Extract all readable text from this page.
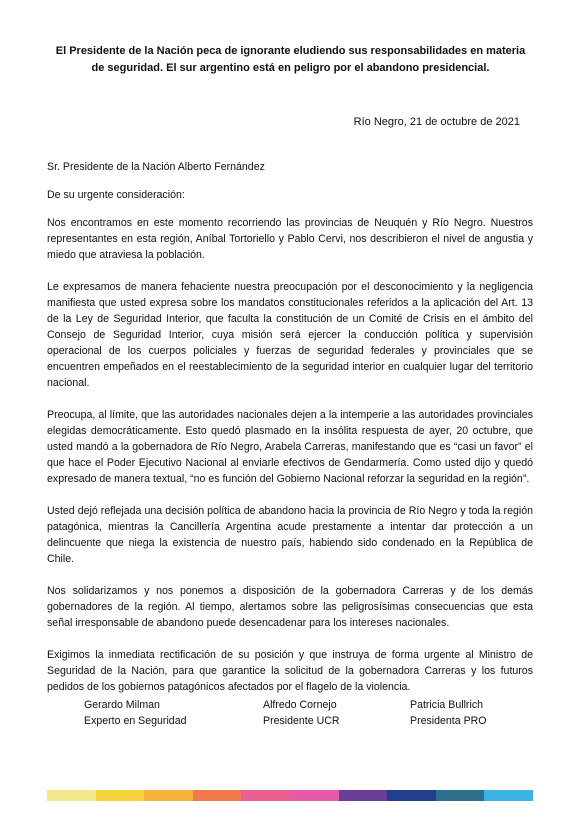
El Presidente de la Nación peca de ignorante eludiendo sus responsabilidades en materia de seguridad. El sur argentino está en peligro por el abandono presidencial.
Río Negro, 21 de octubre de 2021

Sr. Presidente de la Nación Alberto Fernández

De su urgente consideración:

Nos encontramos en este momento recorriendo las provincias de Neuquén y Río Negro. Nuestros representantes en esta región, Aníbal Tortoriello y Pablo Cervi, nos describieron el nivel de angustia y miedo que atraviesa la población.

Le expresamos de manera fehaciente nuestra preocupación por el desconocimiento y la negligencia manifiesta que usted expresa sobre los mandatos constitucionales referidos a la aplicación del Art. 13 de la Ley de Seguridad Interior, que faculta la constitución de un Comité de Crisis en el ámbito del Consejo de Seguridad Interior, cuya misión será ejercer la conducción política y supervisión operacional de los cuerpos policiales y fuerzas de seguridad federales y provinciales que se encuentren empeñados en el reestablecimiento de la seguridad interior en cualquier lugar del territorio nacional.

Preocupa, al límite, que las autoridades nacionales dejen a la intemperie a las autoridades provinciales elegidas democráticamente. Esto quedó plasmado en la insólita respuesta de ayer, 20 octubre, que usted mandó a la gobernadora de Río Negro, Arabela Carreras, manifestando que es “casi un favor” el que hace el Poder Ejecutivo Nacional al enviarle efectivos de Gendarmería. Como usted dijo y quedó expresado de manera textual, “no es función del Gobierno Nacional reforzar la seguridad en la región”.

Usted dejó reflejada una decisión política de abandono hacia la provincia de Río Negro y toda la región patagónica, mientras la Cancillería Argentina acude prestamente a intentar dar protección a un delincuente que niega la existencia de nuestro país, habiendo sido condenado en la República de Chile.

Nos solidarizamos y nos ponemos a disposición de la gobernadora Carreras y de los demás gobernadores de la región. Al tiempo, alertamos sobre las peligrosísimas consecuencias que esta señal irresponsable de abandono puede desencadenar para los intereses nacionales.

Exigimos la inmediata rectificación de su posición y que instruya de forma urgente al Ministro de Seguridad de la Nación, para que garantice la solicitud de la gobernadora Carreras y los futuros pedidos de los gobiernos patagónicos afectados por el flagelo de la violencia.

Gerardo Milman
Experto en Seguridad
Alfredo Cornejo
Presidente UCR
Patricia Bullrich
Presidenta PRO
